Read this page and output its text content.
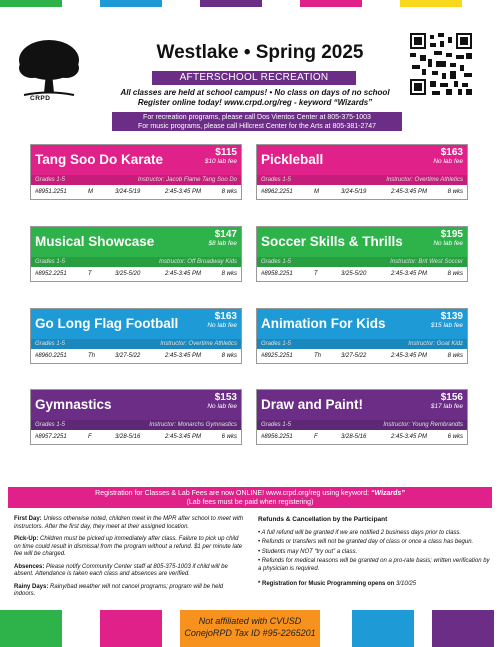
CRPD
Westlake • Spring 2025
AFTERSCHOOL RECREATION
All classes are held at school campus! • No class on days of no school
Register online today! www.crpd.org/reg - keyword “Wizards”
For recreation programs, please call Dos Vientos Center at 805-375-1003
For music programs, please call Hillcrest Center for the Arts at 805-381-2747
Tang Soo Do Karate	$115
$10 lab fee
Grades 1-5	Instructor: Jacob Flame Tang Soo Do
#8951.2251	M	3/24-5/19	2:45-3:45 PM	8 wks
Pickleball	$163
No lab fee
Grades 1-5	Instructor: Overtime Athletics
#8962.2251	M	3/24-5/19	2:45-3:45 PM	8 wks
Musical Showcase	$147
$8 lab fee
Grades 1-5	Instructor: Off Broadway Kids
#8952.2251	T	3/25-5/20	2:45-3:45 PM	8 wks
Soccer Skills & Thrills	$195
No lab fee
Grades 1-5	Instructor: Brit West Soccer
#8958.2251	T	3/25-5/20	2:45-3:45 PM	8 wks
Go Long Flag Football	$163
No lab fee
Grades 1-5	Instructor: Overtime Athletics
#8960.2251	Th	3/27-5/22	2:45-3:45 PM	8 wks
Animation For Kids	$139
$15 lab fee
Grades 1-5	Instructor: Goat Kidz
#8925.2251	Th	3/27-5/22	2:45-3:45 PM	8 wks
Gymnastics	$153
No lab fee
Grades 1-5	Instructor: Monarchs Gymnastics
#8957.2251	F	3/28-5/16	2:45-3:45 PM	6 wks
Draw and Paint!	$156
$17 lab fee
Grades 1-5	Instructor: Young Rembrandts
#8956.2251	F	3/28-5/16	2:45-3:45 PM	6 wks
Registration for Classes & Lab Fees are now ONLINE! www.crpd.org/reg using keyword: “Wizards”
(Lab fees must be paid when registering)

First Day: Unless otherwise noted, children meet in the MPR after school to meet with instructors. After the first day, they meet at their assigned location.

Pick-Up: Children must be picked up immediately after class. Failure to pick up child on time could result in dismissal from the program without a refund. $1 per minute late fee will be charged.

Absences: Please notify Community Center staff at 805-375-1003 if child will be absent. Attendance is taken each class and absences are verified.

Rainy Days: Rainy/bad weather will not cancel programs; program will be held indoors.

Refunds & Cancellation by the Participant

• A full refund will be granted if we are notified 2 business days prior to class.

• Refunds or transfers will not be granted day of class or once a class has begun.

• Students may NOT “try out” a class.

• Refunds for medical reasons will be granted on a pro-rate basis; written verification by a physician is required.

* Registration for Music Programming opens on 3/10/25

Not affiliated with CVUSD
ConejoRPD Tax ID #95-2265201
